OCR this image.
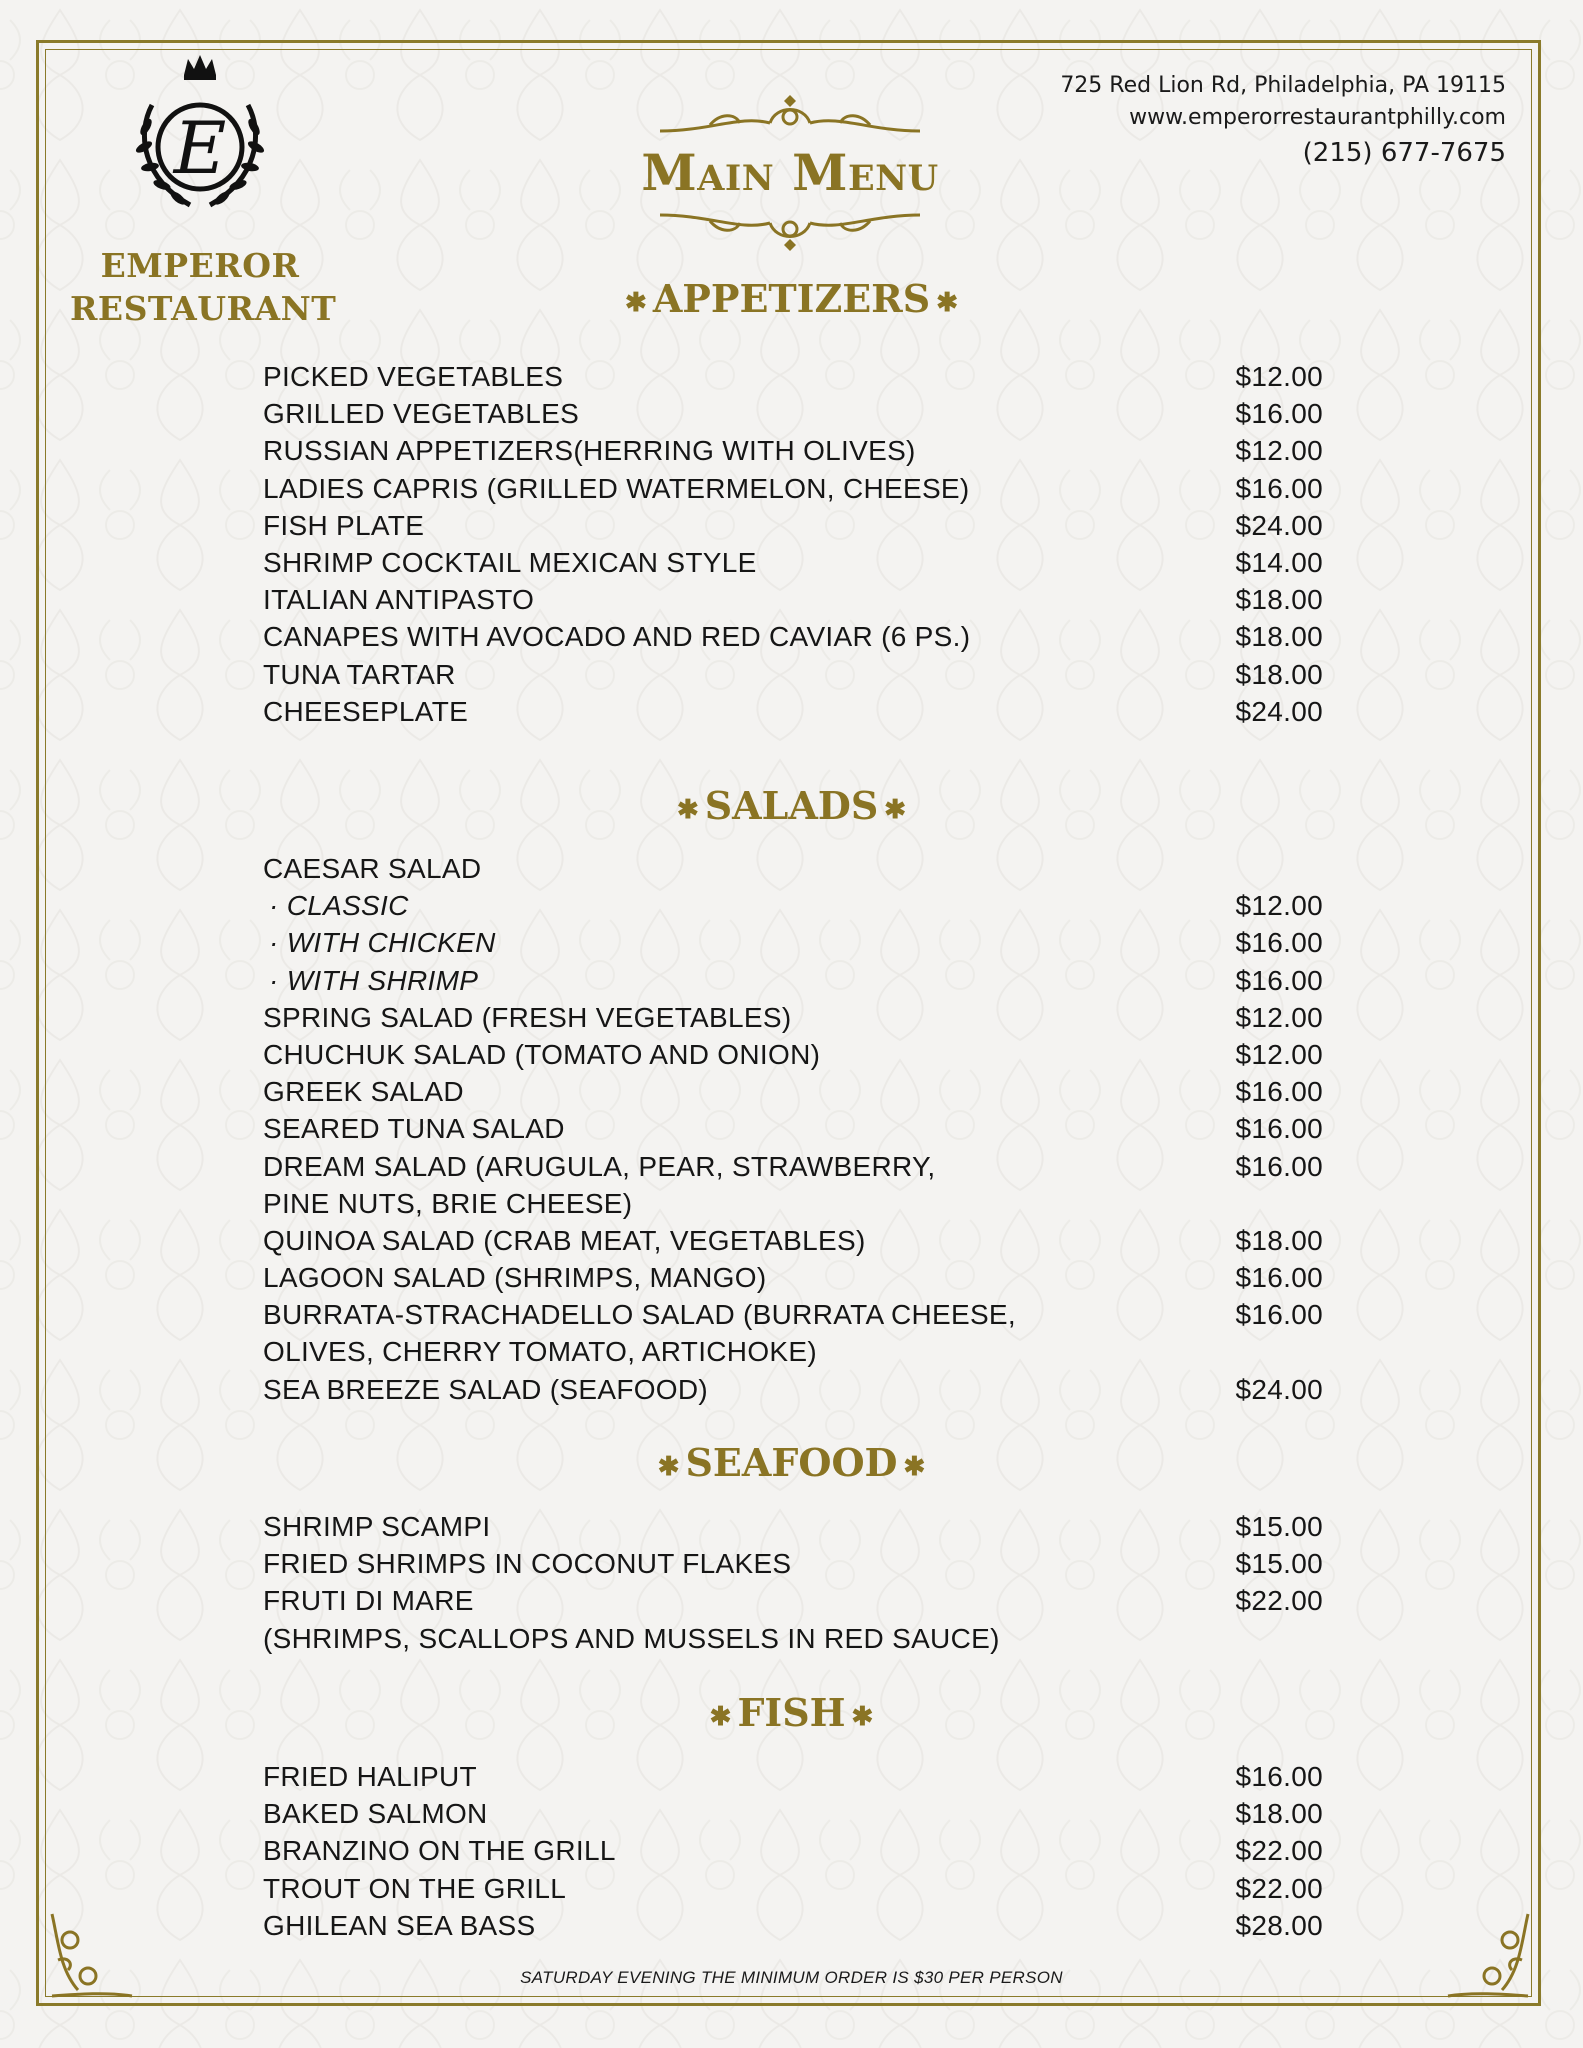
E
EMPEROR
RESTAURANT
Main Menu
725 Red Lion Rd, Philadelphia, PA 19115
www.emperorrestaurantphilly.com
(215) 677-7675
✱ APPETIZERS ✱
✱ SALADS ✱
✱ SEAFOOD ✱
✱ FISH ✱
PICKED VEGETABLES	$12.00
GRILLED VEGETABLES	$16.00
RUSSIAN APPETIZERS(HERRING WITH OLIVES)	$12.00
LADIES CAPRIS (GRILLED WATERMELON, CHEESE)	$16.00
FISH PLATE	$24.00
SHRIMP COCKTAIL MEXICAN STYLE	$14.00
ITALIAN ANTIPASTO	$18.00
CANAPES WITH AVOCADO AND RED CAVIAR (6 PS.)	$18.00
TUNA TARTAR	$18.00
CHEESEPLATE	$24.00
CAESAR SALAD
· CLASSIC	$12.00
· WITH CHICKEN	$16.00
· WITH SHRIMP	$16.00
SPRING SALAD (FRESH VEGETABLES)	$12.00
CHUCHUK SALAD (TOMATO AND ONION)	$12.00
GREEK SALAD	$16.00
SEARED TUNA SALAD	$16.00
DREAM SALAD (ARUGULA, PEAR, STRAWBERRY,	$16.00
PINE NUTS, BRIE CHEESE)
QUINOA SALAD (CRAB MEAT, VEGETABLES)	$18.00
LAGOON SALAD (SHRIMPS, MANGO)	$16.00
BURRATA-STRACHADELLO SALAD (BURRATA CHEESE,	$16.00
OLIVES, CHERRY TOMATO, ARTICHOKE)
SEA BREEZE SALAD (SEAFOOD)	$24.00
SHRIMP SCAMPI	$15.00
FRIED SHRIMPS IN COCONUT FLAKES	$15.00
FRUTI DI MARE	$22.00
(SHRIMPS, SCALLOPS AND MUSSELS IN RED SAUCE)
FRIED HALIPUT	$16.00
BAKED SALMON	$18.00
BRANZINO ON THE GRILL	$22.00
TROUT ON THE GRILL	$22.00
GHILEAN SEA BASS	$28.00
SATURDAY EVENING THE MINIMUM ORDER IS $30 PER PERSON
